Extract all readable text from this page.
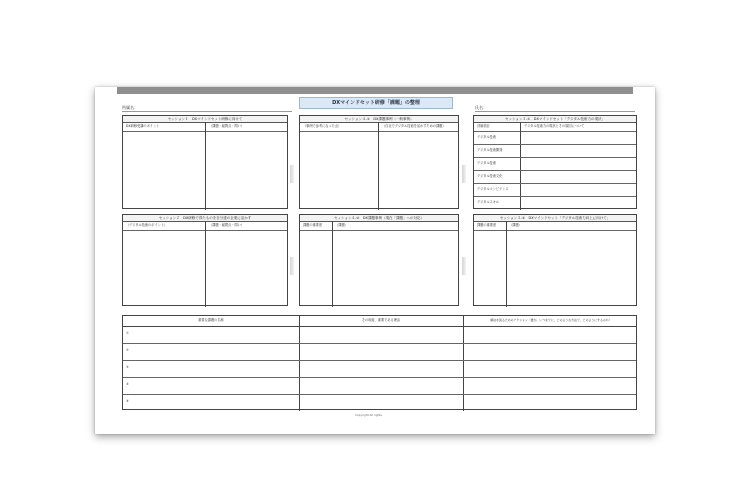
所属名：
DXマインドセット研修「課題」の整理
氏名：
セッション１　DXマインドセット研修に向けて
DX研修受講のポイント	（課題・疑問点・問い）
セッション２　DX研修で得たものを自分達の企業に活かす
（デジタル技術のポイント）	（課題・疑問点・問い）
セッション４-①　DX課題事例（一般事例）
（事例で参考になった点）	（自社でデジタル技術を活かすための課題）
セッション４-②　DX課題事例（現在「課題」への対応）
課題の重要度	（課題）
セッション３-①　DXマインドセット「デジタル技術力の現状」
評価項目	デジタル技術力の現状とその原因について
デジタル技術
デジタル技術開発
デジタル技術
デジタル技術文化
デジタルコンピテンス
デジタルスキル
セッション３-②　DXマインドセット「デジタル技術力向上に向けて」
課題の重要度	（課題）
重要な課題の名称	その取組、重要である理由	解決を図るためのアクション（誰が、いつまでに、どのような方法で、どのようにするのか）
①
②
③
④
⑤
Copyright All rights
